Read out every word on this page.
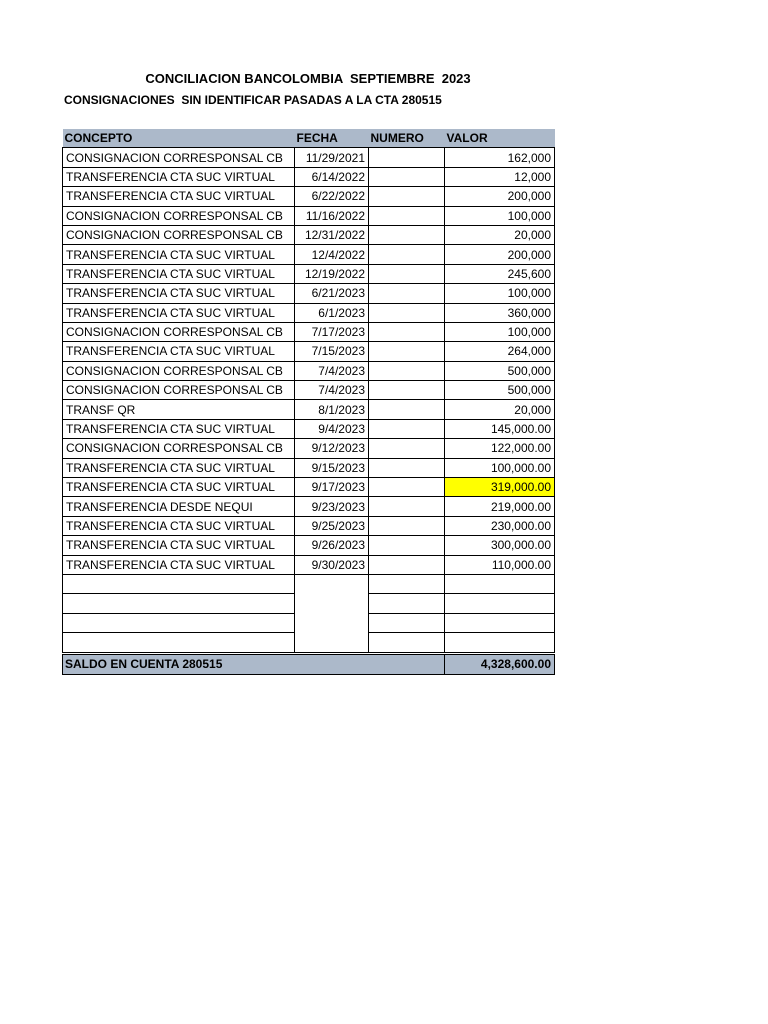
CONCILIACION BANCOLOMBIA  SEPTIEMBRE  2023
CONSIGNACIONES  SIN IDENTIFICAR PASADAS A LA CTA 280515
CONCEPTO	FECHA	NUMERO	VALOR
CONSIGNACION CORRESPONSAL CB	11/29/2021		162,000
TRANSFERENCIA CTA SUC VIRTUAL	6/14/2022		12,000
TRANSFERENCIA CTA SUC VIRTUAL	6/22/2022		200,000
CONSIGNACION CORRESPONSAL CB	11/16/2022		100,000
CONSIGNACION CORRESPONSAL CB	12/31/2022		20,000
TRANSFERENCIA CTA SUC VIRTUAL	12/4/2022		200,000
TRANSFERENCIA CTA SUC VIRTUAL	12/19/2022		245,600
TRANSFERENCIA CTA SUC VIRTUAL	6/21/2023		100,000
TRANSFERENCIA CTA SUC VIRTUAL	6/1/2023		360,000
CONSIGNACION CORRESPONSAL CB	7/17/2023		100,000
TRANSFERENCIA CTA SUC VIRTUAL	7/15/2023		264,000
CONSIGNACION CORRESPONSAL CB	7/4/2023		500,000
CONSIGNACION CORRESPONSAL CB	7/4/2023		500,000
TRANSF QR	8/1/2023		20,000
TRANSFERENCIA CTA SUC VIRTUAL	9/4/2023		145,000.00
CONSIGNACION CORRESPONSAL CB	9/12/2023		122,000.00
TRANSFERENCIA CTA SUC VIRTUAL	9/15/2023		100,000.00
TRANSFERENCIA CTA SUC VIRTUAL	9/17/2023		319,000.00
TRANSFERENCIA DESDE NEQUI	9/23/2023		219,000.00
TRANSFERENCIA CTA SUC VIRTUAL	9/25/2023		230,000.00
TRANSFERENCIA CTA SUC VIRTUAL	9/26/2023		300,000.00
TRANSFERENCIA CTA SUC VIRTUAL	9/30/2023		110,000.00

SALDO EN CUENTA 280515			4,328,600.00
